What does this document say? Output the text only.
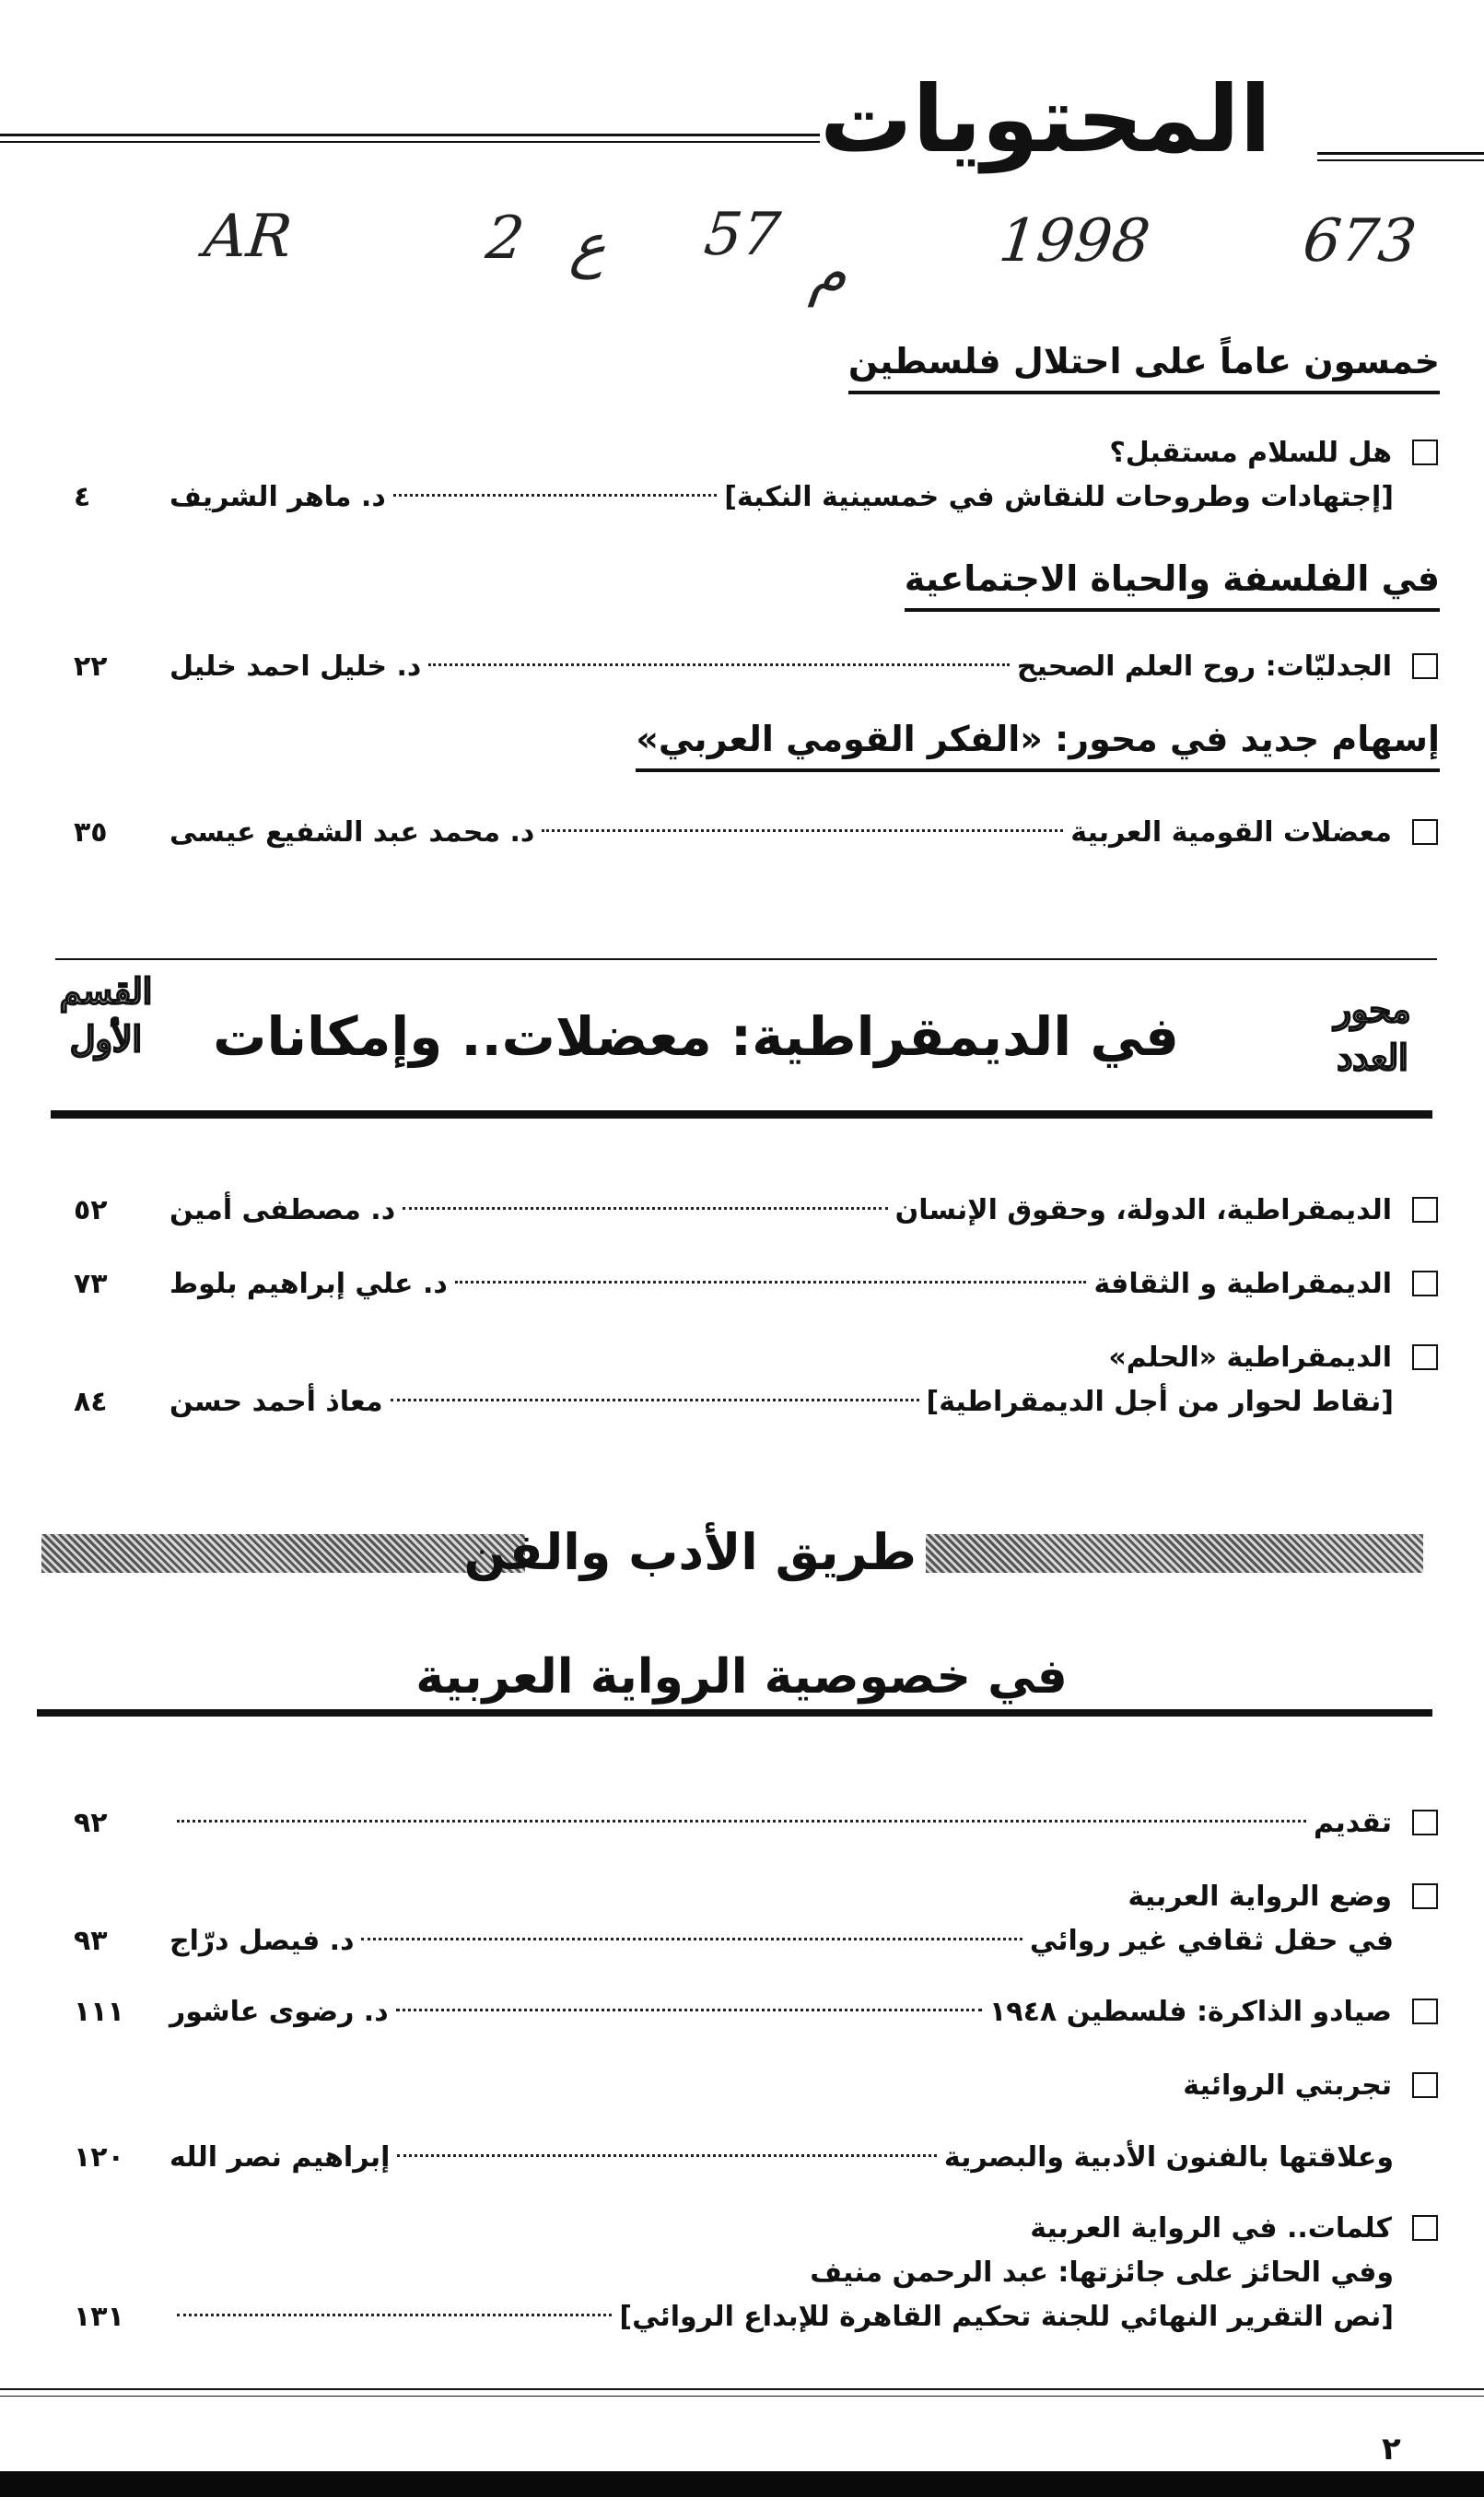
المحتويات
AR	2 ع 57
م 1998 673
خمسون عاماً على احتلال فلسطين
هل للسلام مستقبل؟
[إجتهادات وطروحات للنقاش في خمسينية النكبة]
د. ماهر الشريف
٤
في الفلسفة والحياة الاجتماعية
الجدليّات: روح العلم الصحيح
د. خليل احمد خليل
٢٢
إسهام جديد في محور: «الفكر القومي العربي»
معضلات القومية العربية
د. محمد عبد الشفيع عيسى
٣٥
محور
العدد
في الديمقراطية: معضلات.. وإمكانات
القسم
الأول
الديمقراطية، الدولة، وحقوق الإنسان
د. مصطفى أمين
٥٢
الديمقراطية و الثقافة
د. علي إبراهيم بلوط
٧٣
الديمقراطية «الحلم»
[نقاط لحوار من أجل الديمقراطية]
معاذ أحمد حسن
٨٤
طريق الأدب والفن
في خصوصية الرواية العربية
تقديم
٩٢
وضع الرواية العربية
في حقل ثقافي غير روائي
د. فيصل درّاج
٩٣
صيادو الذاكرة: فلسطين ١٩٤٨
د. رضوى عاشور
١١١
تجربتي الروائية
وعلاقتها بالفنون الأدبية والبصرية
إبراهيم نصر الله
١٢٠
كلمات.. في الرواية العربية
وفي الحائز على جائزتها: عبد الرحمن منيف
[نص التقرير النهائي للجنة تحكيم القاهرة للإبداع الروائي]
١٣١
٢
